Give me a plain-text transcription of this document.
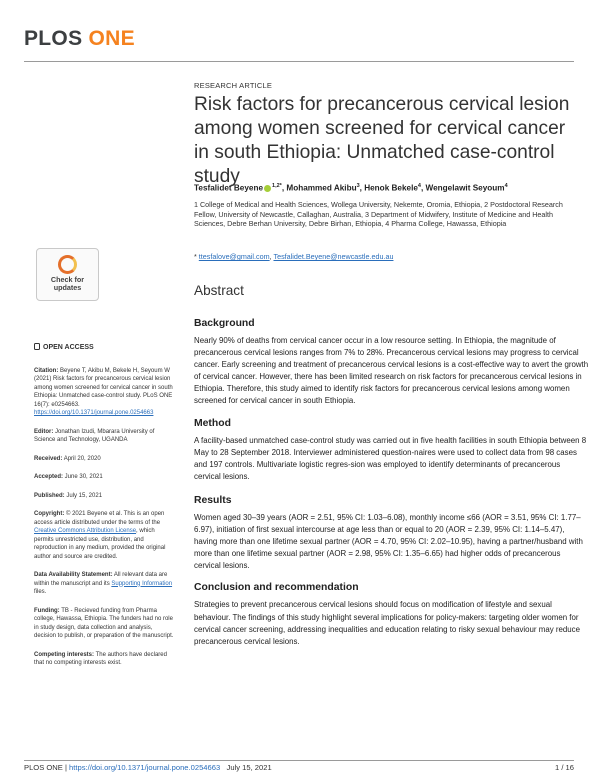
PLOS ONE
RESEARCH ARTICLE
Risk factors for precancerous cervical lesion among women screened for cervical cancer in south Ethiopia: Unmatched case-control study
Tesfalidet Beyene $^{1,2*}$, Mohammed Akibu$^3$, Henok Bekele$^4$, Wengelawit Seyoum$^4$
1 College of Medical and Health Sciences, Wollega University, Nekemte, Oromia, Ethiopia, 2 Postdoctoral Research Fellow, University of Newcastle, Callaghan, Australia, 3 Department of Midwifery, Institute of Medicine and Health Sciences, Debre Berhan University, Debre Birhan, Ethiopia, 4 Pharma College, Hawassa, Ethiopia
* ttesfalove@gmail.com, Tesfalidet.Beyene@newcastle.edu.au
Check for
updates
OPEN ACCESS
Citation: Beyene T, Akibu M, Bekele H, Seyoum W (2021) Risk factors for precancerous cervical lesion among women screened for cervical cancer in south Ethiopia: Unmatched case-control study. PLoS ONE 16(7): e0254663. https://doi.org/10.1371/journal.pone.0254663
Editor: Jonathan Izudi, Mbarara University of Science and Technology, UGANDA
Received: April 20, 2020
Accepted: June 30, 2021
Published: July 15, 2021
Copyright: © 2021 Beyene et al. This is an open access article distributed under the terms of the Creative Commons Attribution License, which permits unrestricted use, distribution, and reproduction in any medium, provided the original author and source are credited.
Data Availability Statement: All relevant data are within the manuscript and its Supporting Information files.
Funding: TB - Recieved funding from Pharma college, Hawassa, Ethiopia. The funders had no role in study design, data collection and analysis, decision to publish, or preparation of the manuscript.
Competing interests: The authors have declared that no competing interests exist.
Abstract
Background

Nearly 90% of deaths from cervical cancer occur in a low resource setting. In Ethiopia, the magnitude of precancerous cervical lesions ranges from 7% to 28%. Precancerous cervical lesions may progress to cervical cancer. Early screening and treatment of precancerous cervical lesions is a cost-effective way to avert the growth of cervical cancer. However, there has been limited research on risk factors for precancerous cervical lesions in Ethiopia. Therefore, this study aimed to identify risk factors for precancerous cervical lesions among women screened for cervical cancer in south Ethiopia.

Method

A facility-based unmatched case-control study was carried out in five health facilities in south Ethiopia between 8 May to 28 September 2018. Interviewer administered question-naires were used to collect data from 98 cases and 197 controls. Multivariate logistic regres-sion was employed to identify determinants of precancerous cervical lesions.

Results

Women aged 30–39 years (AOR = 2.51, 95% CI: 1.03–6.08), monthly income ≤66 (AOR = 3.51, 95% CI: 1.77–6.97), initiation of first sexual intercourse at age less than or equal to 20 (AOR = 2.39, 95% CI: 1.14–5.47), having more than one lifetime sexual partner (AOR = 4.70, 95% CI: 2.02–10.95), having a partner/husband with more than one lifetime sexual partner (AOR = 2.98, 95% CI: 1.35–6.65) had higher odds of precancerous cervical lesions.

Conclusion and recommendation

Strategies to prevent precancerous cervical lesions should focus on modification of lifestyle and sexual behaviour. The findings of this study highlight several implications for policy-makers: targeting older women for cervical cancer screening, addressing inequalities and education relating to risky sexual behaviour may reduce precancerous cervical lesions.

PLOS ONE | https://doi.org/10.1371/journal.pone.0254663 July 15, 2021	1 / 16
